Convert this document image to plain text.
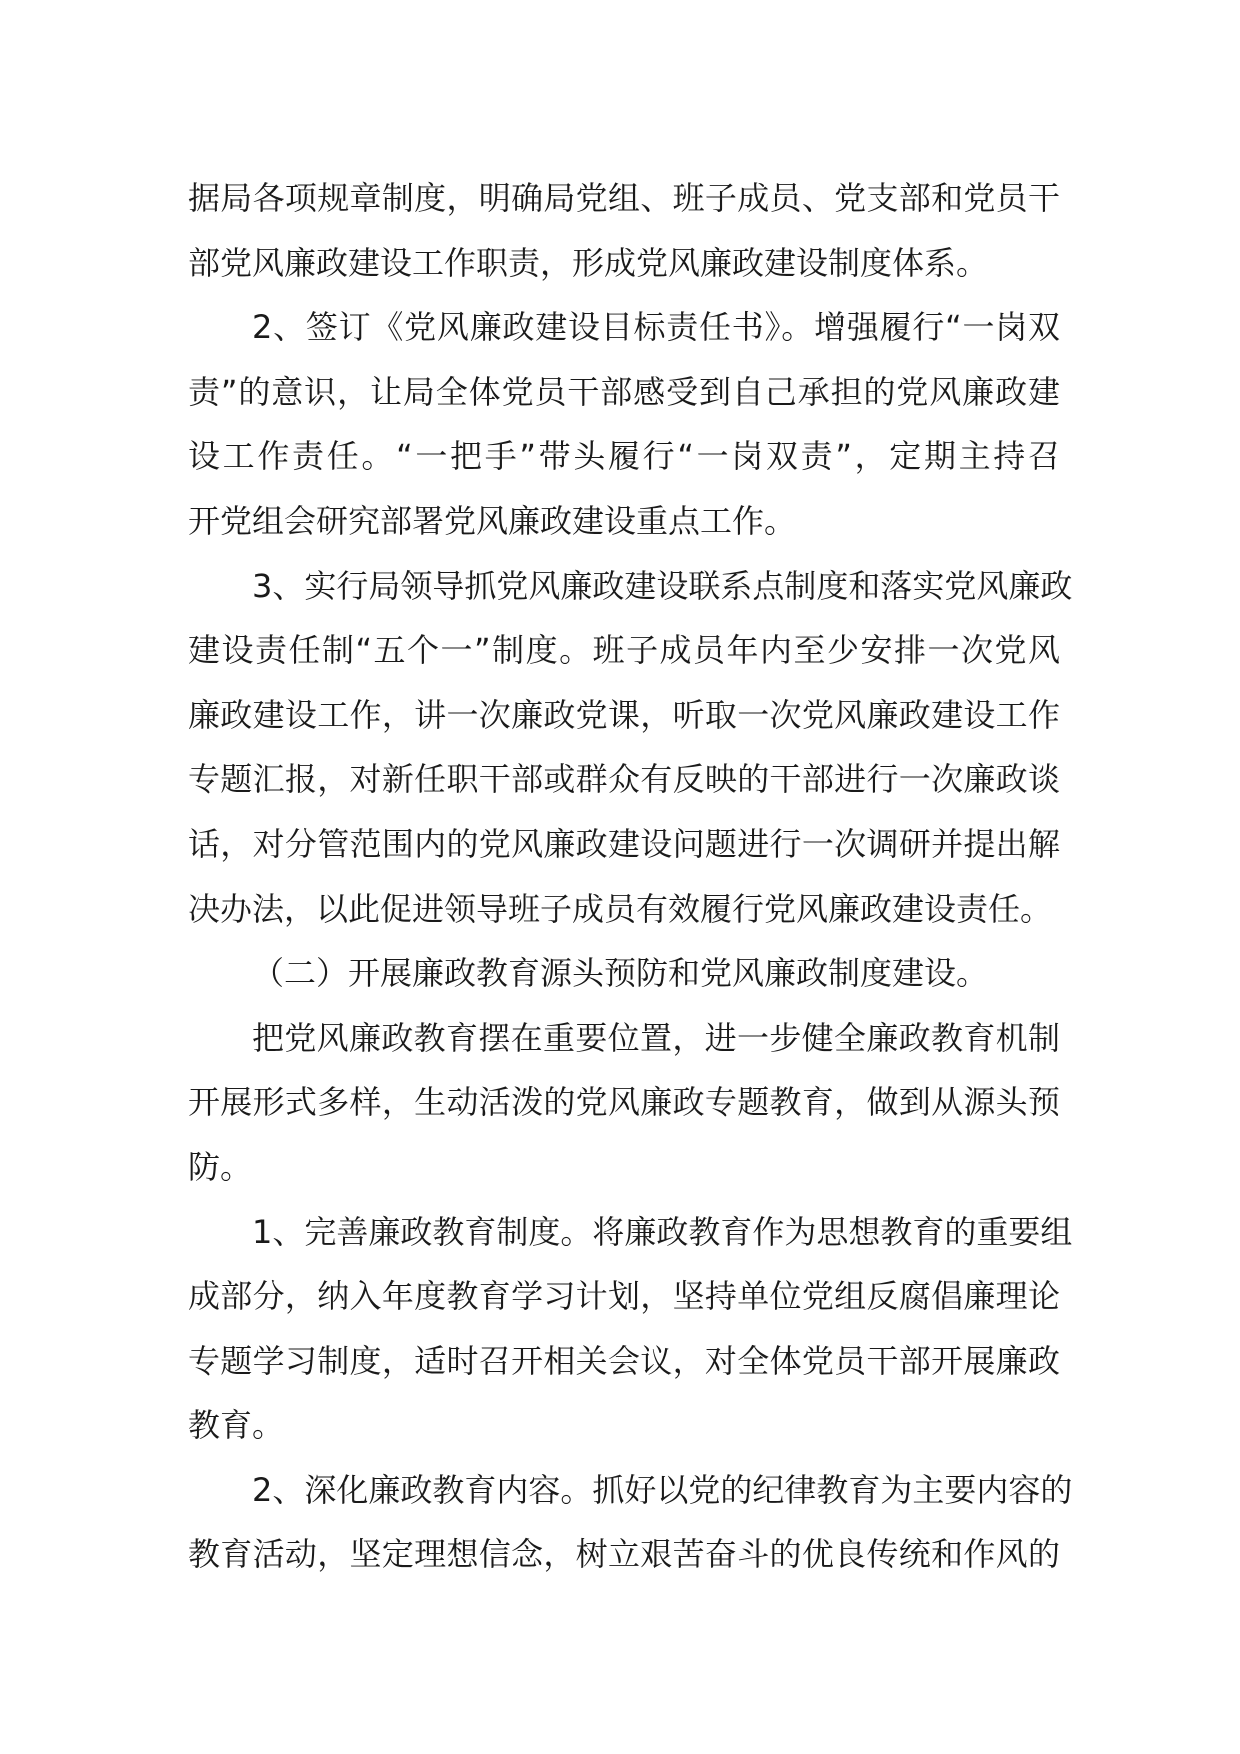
据局各项规章制度，明确局党组、班子成员、党支部和党员干
部党风廉政建设工作职责，形成党风廉政建设制度体系。
2、签订《党风廉政建设目标责任书》。增强履行“一岗双
责”的意识，让局全体党员干部感受到自己承担的党风廉政建
设工作责任。“一把手”带头履行“一岗双责”，定期主持召
开党组会研究部署党风廉政建设重点工作。
3、实行局领导抓党风廉政建设联系点制度和落实党风廉政
建设责任制“五个一”制度。班子成员年内至少安排一次党风
廉政建设工作，讲一次廉政党课，听取一次党风廉政建设工作
专题汇报，对新任职干部或群众有反映的干部进行一次廉政谈
话，对分管范围内的党风廉政建设问题进行一次调研并提出解
决办法，以此促进领导班子成员有效履行党风廉政建设责任。
（二）开展廉政教育源头预防和党风廉政制度建设。
把党风廉政教育摆在重要位置，进一步健全廉政教育机制
开展形式多样，生动活泼的党风廉政专题教育，做到从源头预
防。
1、完善廉政教育制度。将廉政教育作为思想教育的重要组
成部分，纳入年度教育学习计划，坚持单位党组反腐倡廉理论
专题学习制度，适时召开相关会议，对全体党员干部开展廉政
教育。
2、深化廉政教育内容。抓好以党的纪律教育为主要内容的
教育活动，坚定理想信念，树立艰苦奋斗的优良传统和作风的
